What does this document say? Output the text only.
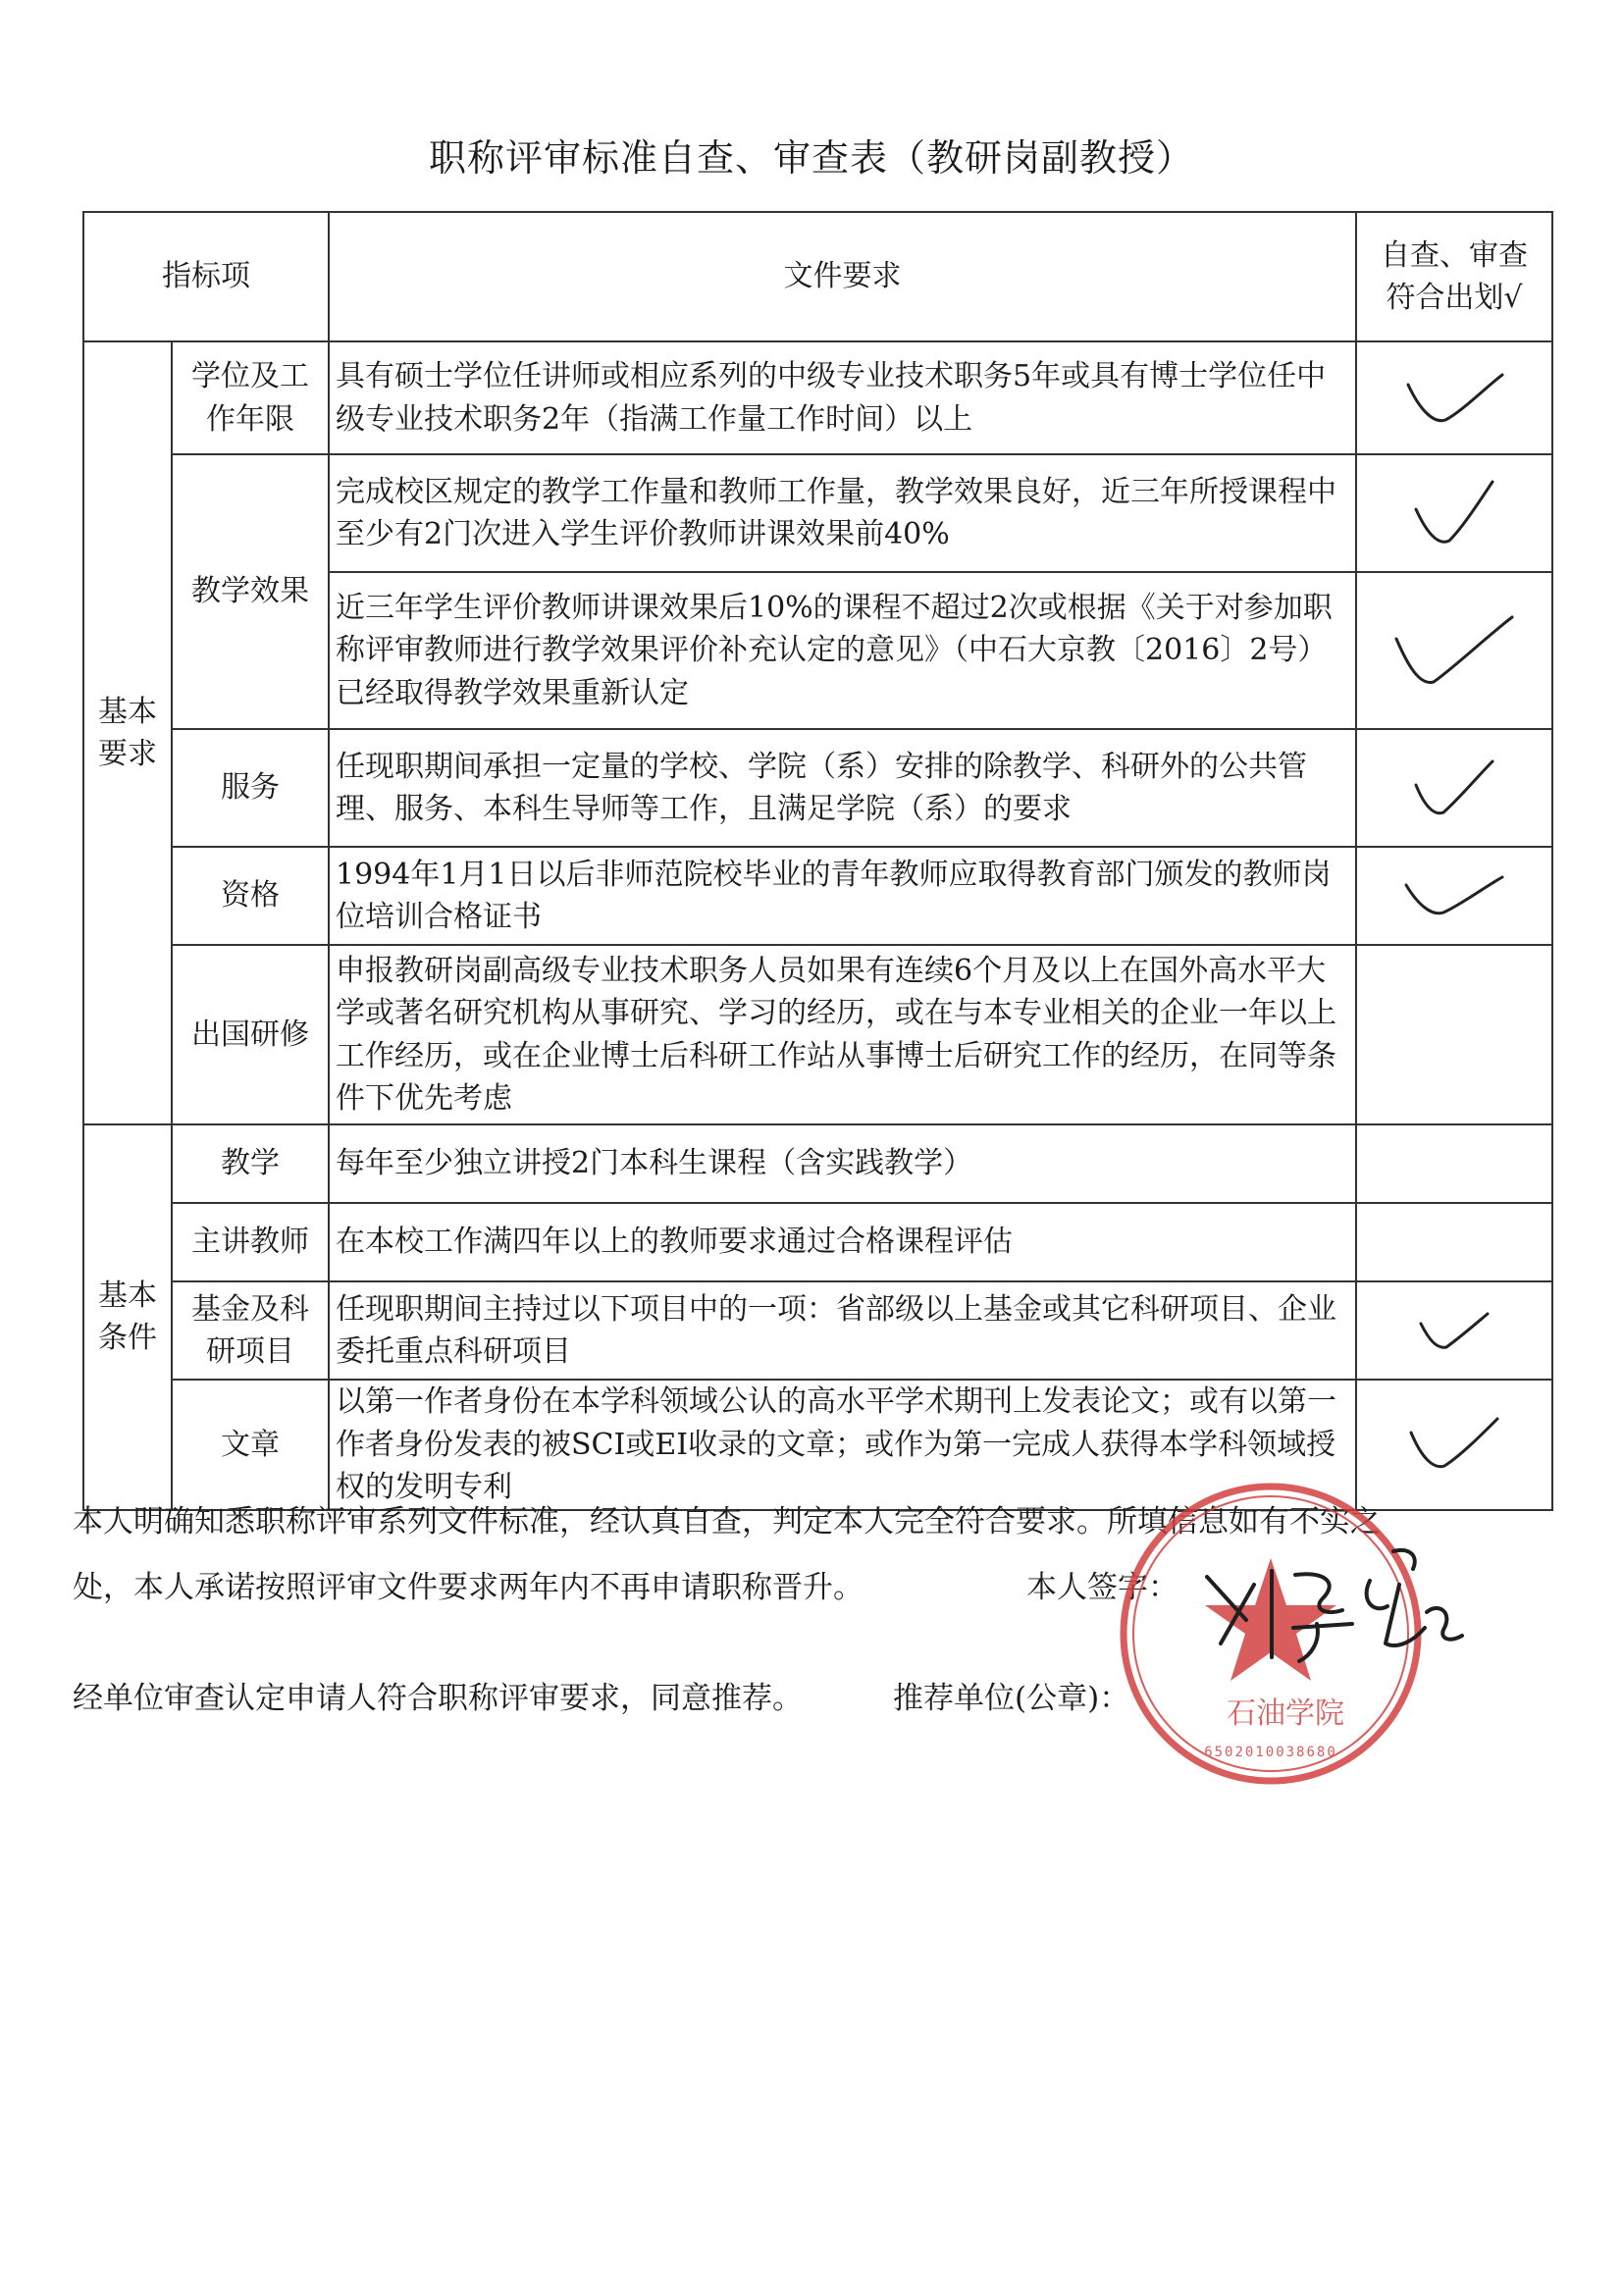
职称评审标准自查、审查表（教研岗副教授）
指标项		文件要求	自查、审查符合出划√
基本要求	学位及工作年限	具有硕士学位任讲师或相应系列的中级专业技术职务5年或具有博士学位任中级专业技术职务2年（指满工作量工作时间）以上	

	教学效果	完成校区规定的教学工作量和教师工作量，教学效果良好，近三年所授课程中至少有2门次进入学生评价教师讲课效果前40%	

		近三年学生评价教师讲课效果后10%的课程不超过2次或根据《关于对参加职称评审教师进行教学效果评价补充认定的意见》（中石大京教〔2016〕2号）已经取得教学效果重新认定	

	服务	任现职期间承担一定量的学校、学院（系）安排的除教学、科研外的公共管理、服务、本科生导师等工作，且满足学院（系）的要求	

	资格	1994年1月1日以后非师范院校毕业的青年教师应取得教育部门颁发的教师岗位培训合格证书	

	出国研修	申报教研岗副高级专业技术职务人员如果有连续6个月及以上在国外高水平大学或著名研究机构从事研究、学习的经历，或在与本专业相关的企业一年以上工作经历，或在企业博士后科研工作站从事博士后研究工作的经历，在同等条件下优先考虑	
基本条件	教学	每年至少独立讲授2门本科生课程（含实践教学）	
	主讲教师	在本校工作满四年以上的教师要求通过合格课程评估	
	基金及科研项目	任现职期间主持过以下项目中的一项：省部级以上基金或其它科研项目、企业委托重点科研项目	

	文章	以第一作者身份在本学科领域公认的高水平学术期刊上发表论文；或有以第一作者身份发表的被SCI或EI收录的文章；或作为第一完成人获得本学科领域授权的发明专利	
本人明确知悉职称评审系列文件标准，经认真自查，判定本人完全符合要求。所填信息如有不实之
处，本人承诺按照评审文件要求两年内不再申请职称晋升。	本人签字：
经单位审查认定申请人符合职称评审要求，同意推荐。	推荐单位(公章)：
6502010038680
石油学院
